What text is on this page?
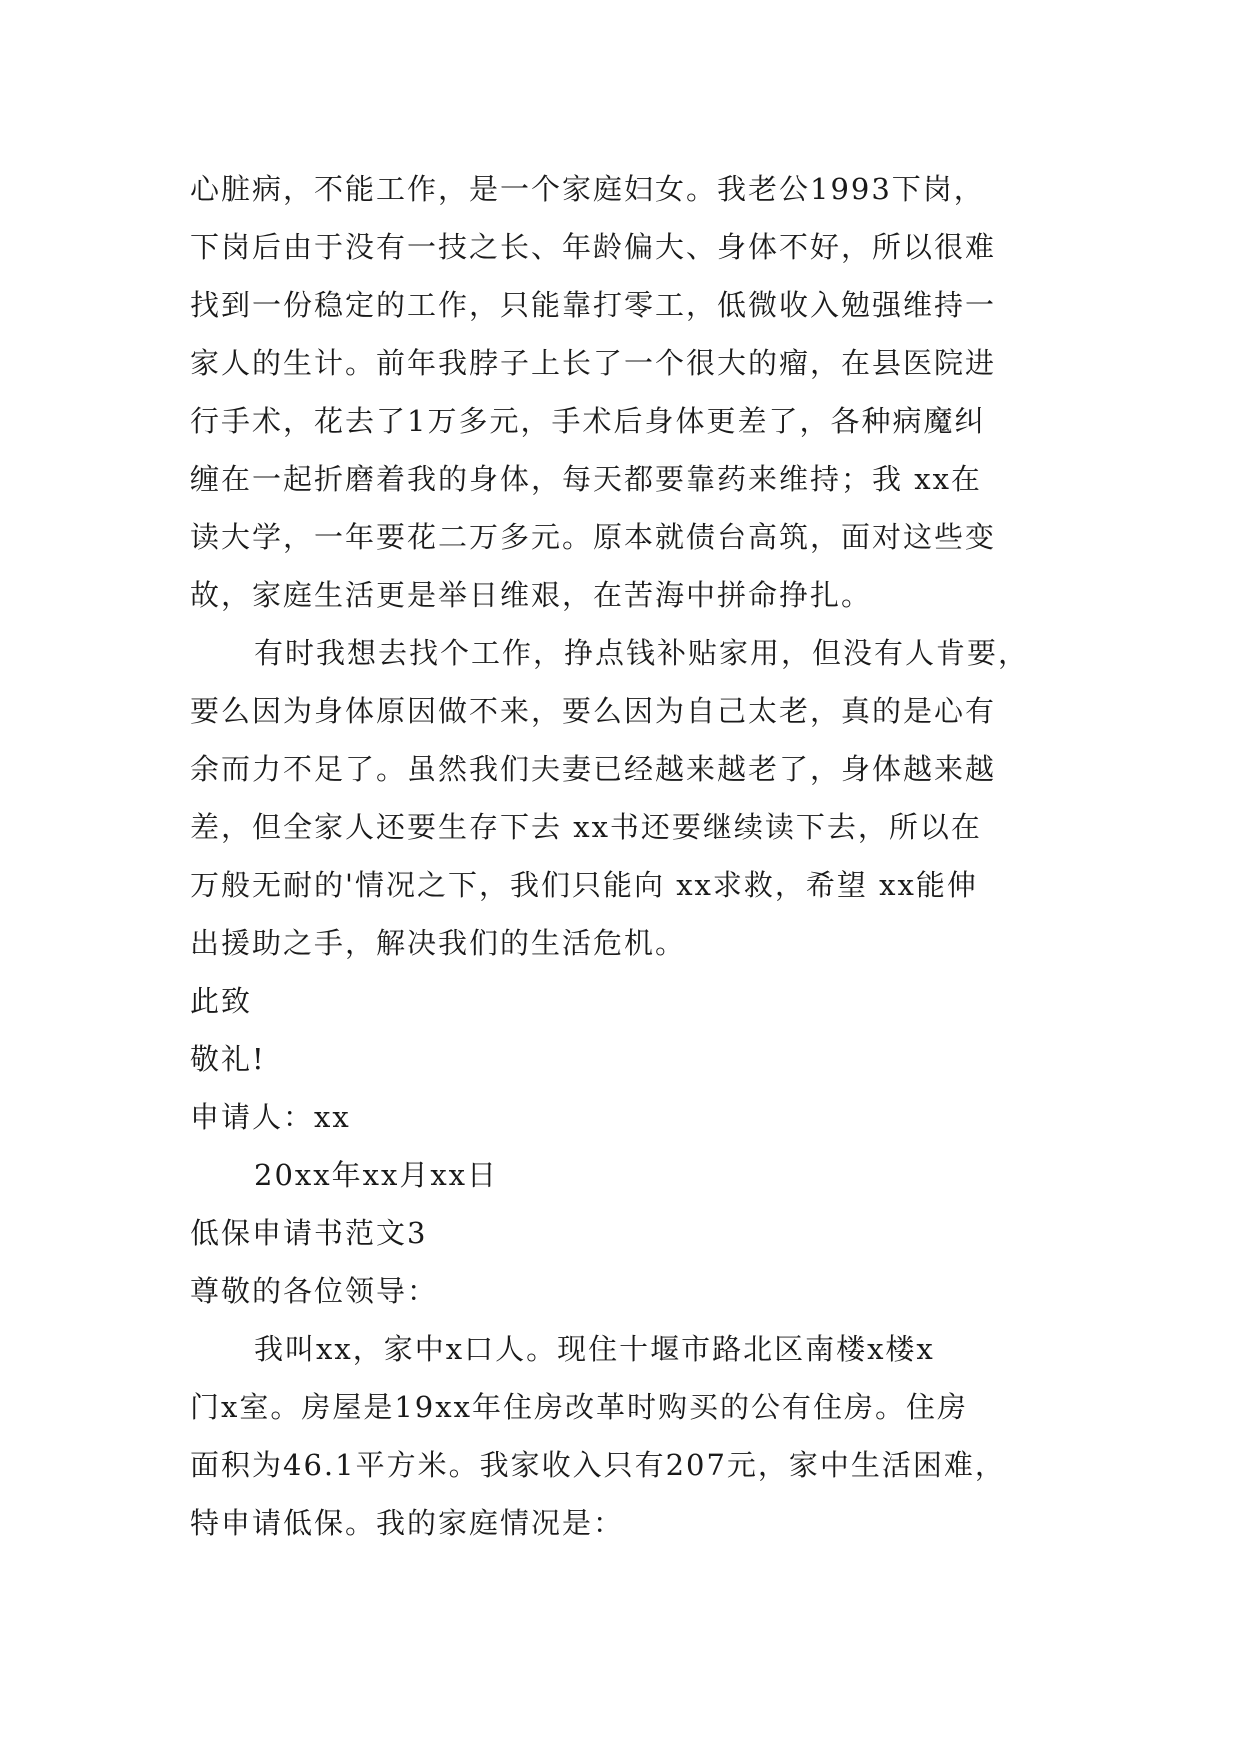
心脏病，不能工作，是一个家庭妇女。我老公1993下岗，
下岗后由于没有一技之长、年龄偏大、身体不好，所以很难
找到一份稳定的工作，只能靠打零工，低微收入勉强维持一
家人的生计。前年我脖子上长了一个很大的瘤，在县医院进
行手术，花去了1万多元，手术后身体更差了，各种病魔纠
缠在一起折磨着我的身体，每天都要靠药来维持；我 xx在
读大学，一年要花二万多元。原本就债台高筑，面对这些变
故，家庭生活更是举日维艰，在苦海中拼命挣扎。
有时我想去找个工作，挣点钱补贴家用，但没有人肯要，
要么因为身体原因做不来，要么因为自己太老，真的是心有
余而力不足了。虽然我们夫妻已经越来越老了，身体越来越
差，但全家人还要生存下去 xx书还要继续读下去，所以在
万般无耐的'情况之下，我们只能向 xx求救，希望 xx能伸
出援助之手，解决我们的生活危机。
此致
敬礼!
申请人：xx
20xx年xx月xx日
低保申请书范文3
尊敬的各位领导：
我叫xx，家中x口人。现住十堰市路北区南楼x楼x
门x室。房屋是19xx年住房改革时购买的公有住房。住房
面积为46.1平方米。我家收入只有207元，家中生活困难，
特申请低保。我的家庭情况是：
